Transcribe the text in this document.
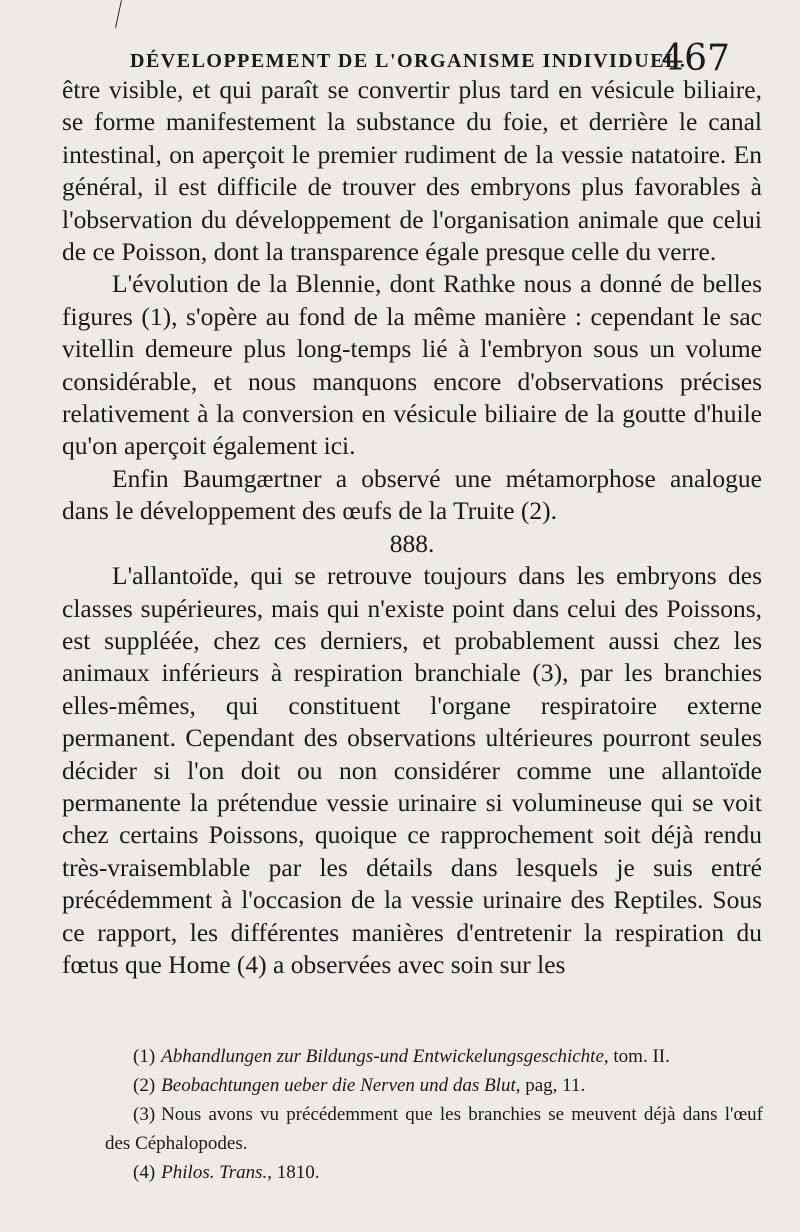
DÉVELOPPEMENT DE L'ORGANISME INDIVIDUEL.
467

être visible, et qui paraît se convertir plus tard en vésicule biliaire, se forme manifestement la substance du foie, et derrière le canal intestinal, on aperçoit le premier rudiment de la vessie natatoire. En général, il est difficile de trouver des embryons plus favorables à l'observation du développement de l'organisation animale que celui de ce Poisson, dont la transparence égale presque celle du verre.

L'évolution de la Blennie, dont Rathke nous a donné de belles figures (1), s'opère au fond de la même manière : cependant le sac vitellin demeure plus long-temps lié à l'embryon sous un volume considérable, et nous manquons encore d'observations précises relativement à la conversion en vésicule biliaire de la goutte d'huile qu'on aperçoit également ici.

Enfin Baumgærtner a observé une métamorphose analogue dans le développement des œufs de la Truite (2).

888.

L'allantoïde, qui se retrouve toujours dans les embryons des classes supérieures, mais qui n'existe point dans celui des Poissons, est suppléée, chez ces derniers, et probablement aussi chez les animaux inférieurs à respiration branchiale (3), par les branchies elles-mêmes, qui constituent l'organe respiratoire externe permanent. Cependant des observations ultérieures pourront seules décider si l'on doit ou non considérer comme une allantoïde permanente la prétendue vessie urinaire si volumineuse qui se voit chez certains Poissons, quoique ce rapprochement soit déjà rendu très-vraisemblable par les détails dans lesquels je suis entré précédemment à l'occasion de la vessie urinaire des Reptiles. Sous ce rapport, les différentes manières d'entretenir la respiration du fœtus que Home (4) a observées avec soin sur les

(1) Abhandlungen zur Bildungs-und Entwickelungsgeschichte, tom. II.

(2) Beobachtungen ueber die Nerven und das Blut, pag, 11.

(3) Nous avons vu précédemment que les branchies se meuvent déjà dans l'œuf des Céphalopodes.

(4) Philos. Trans., 1810.
